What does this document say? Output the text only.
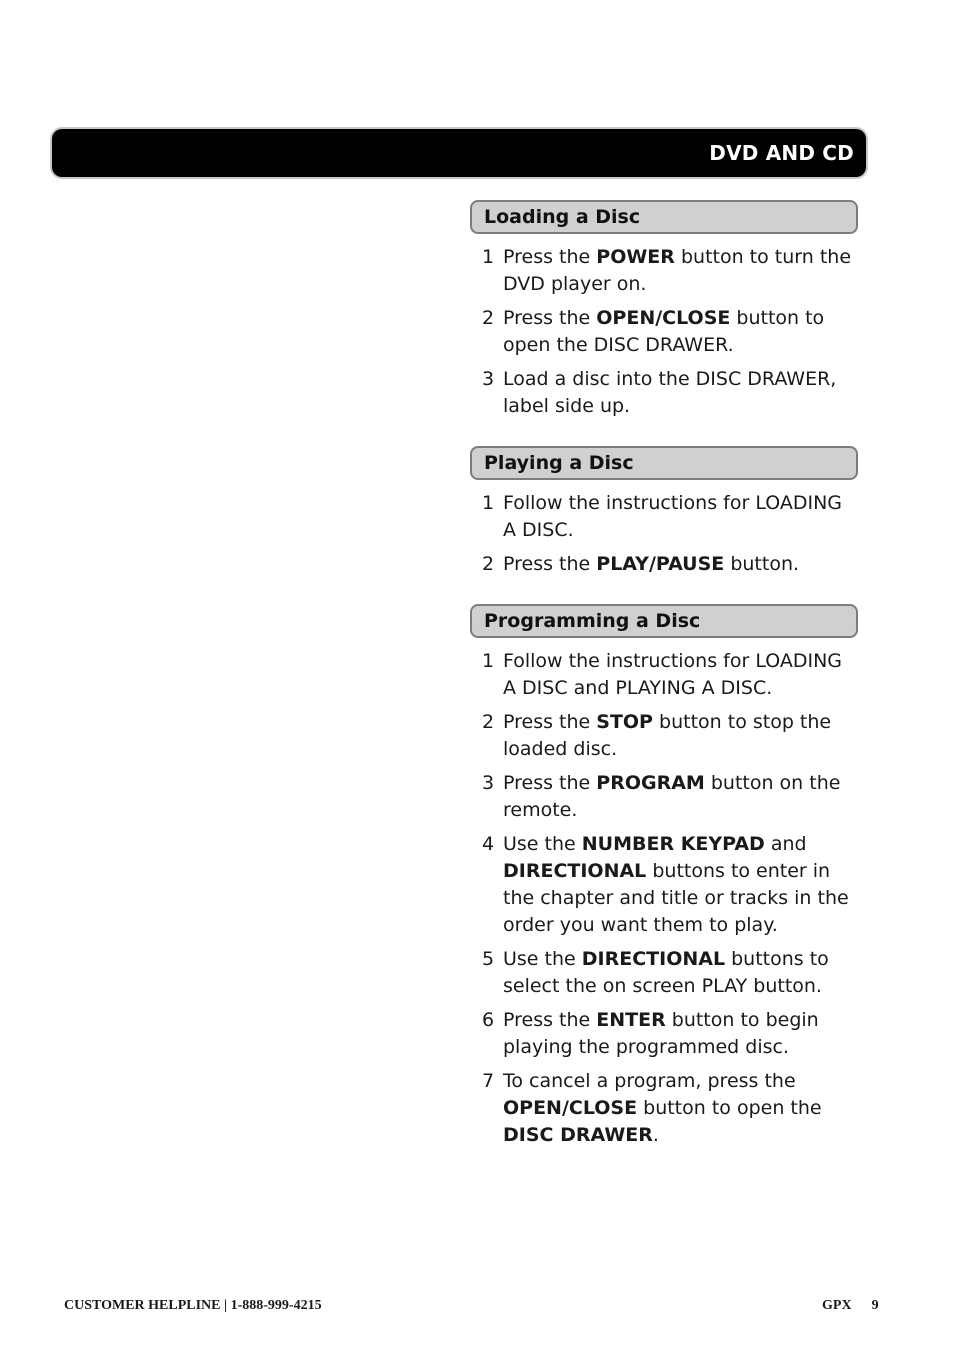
DVD AND CD
Loading a Disc
1 Press the POWER button to turn the DVD player on.
2 Press the OPEN/CLOSE button to open the DISC DRAWER.
3 Load a disc into the DISC DRAWER, label side up.
Playing a Disc
1 Follow the instructions for LOADING A DISC.
2 Press the PLAY/PAUSE button.
Programming a Disc
1 Follow the instructions for LOADING A DISC and PLAYING A DISC.
2 Press the STOP button to stop the loaded disc.
3 Press the PROGRAM button on the remote.
4 Use the NUMBER KEYPAD and DIRECTIONAL buttons to enter in the chapter and title or tracks in the order you want them to play.
5 Use the DIRECTIONAL buttons to select the on screen PLAY button.
6 Press the ENTER button to begin playing the programmed disc.
7 To cancel a program, press the OPEN/CLOSE button to open the DISC DRAWER.
CUSTOMER HELPLINE | 1-888-999-4215	GPX 9
